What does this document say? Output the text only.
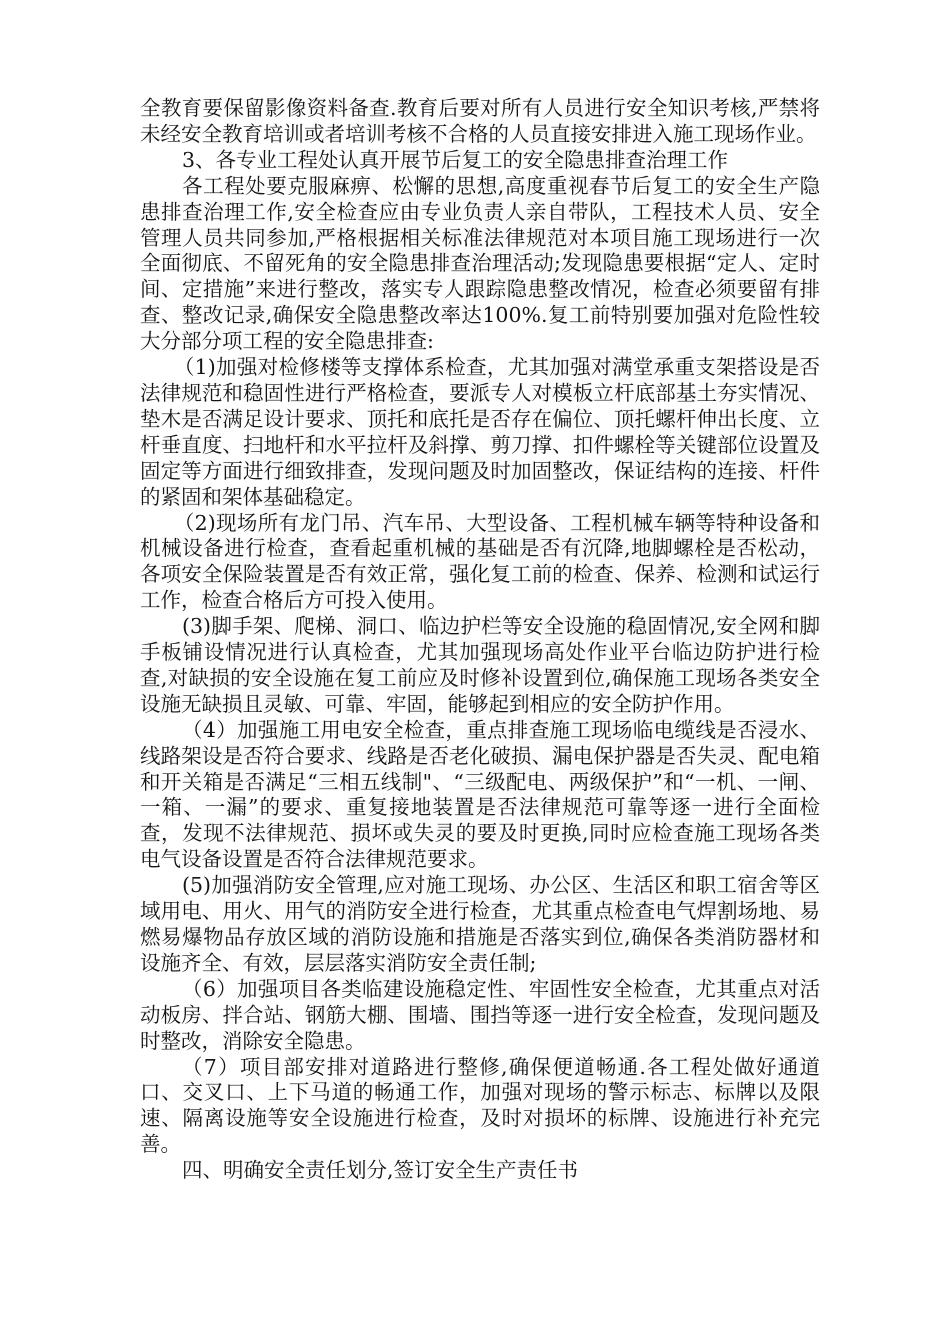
全教育要保留影像资料备查.教育后要对所有人员进行安全知识考核,严禁将未经安全教育培训或者培训考核不合格的人员直接安排进入施工现场作业。

3、各专业工程处认真开展节后复工的安全隐患排查治理工作

各工程处要克服麻痹、松懈的思想,高度重视春节后复工的安全生产隐患排查治理工作,安全检查应由专业负责人亲自带队，工程技术人员、安全管理人员共同参加,严格根据相关标准法律规范对本项目施工现场进行一次全面彻底、不留死角的安全隐患排查治理活动;发现隐患要根据“定人、定时间、定措施”来进行整改，落实专人跟踪隐患整改情况，检查必须要留有排查、整改记录,确保安全隐患整改率达100%.复工前特别要加强对危险性较大分部分项工程的安全隐患排查:

（1)加强对检修楼等支撑体系检查，尤其加强对满堂承重支架搭设是否法律规范和稳固性进行严格检查，要派专人对模板立杆底部基土夯实情况、垫木是否满足设计要求、顶托和底托是否存在偏位、顶托螺杆伸出长度、立杆垂直度、扫地杆和水平拉杆及斜撑、剪刀撑、扣件螺栓等关键部位设置及固定等方面进行细致排查，发现问题及时加固整改，保证结构的连接、杆件的紧固和架体基础稳定。

（2)现场所有龙门吊、汽车吊、大型设备、工程机械车辆等特种设备和机械设备进行检查，查看起重机械的基础是否有沉降,地脚螺栓是否松动，各项安全保险装置是否有效正常，强化复工前的检查、保养、检测和试运行工作，检查合格后方可投入使用。

(3)脚手架、爬梯、洞口、临边护栏等安全设施的稳固情况,安全网和脚手板铺设情况进行认真检查，尤其加强现场高处作业平台临边防护进行检查,对缺损的安全设施在复工前应及时修补设置到位,确保施工现场各类安全设施无缺损且灵敏、可靠、牢固，能够起到相应的安全防护作用。

（4）加强施工用电安全检查，重点排查施工现场临电缆线是否浸水、线路架设是否符合要求、线路是否老化破损、漏电保护器是否失灵、配电箱和开关箱是否满足“三相五线制"、“三级配电、两级保护”和“一机、一闸、一箱、一漏”的要求、重复接地装置是否法律规范可靠等逐一进行全面检查，发现不法律规范、损坏或失灵的要及时更换,同时应检查施工现场各类电气设备设置是否符合法律规范要求。

(5)加强消防安全管理,应对施工现场、办公区、生活区和职工宿舍等区域用电、用火、用气的消防安全进行检查，尤其重点检查电气焊割场地、易燃易爆物品存放区域的消防设施和措施是否落实到位,确保各类消防器材和设施齐全、有效，层层落实消防安全责任制;

（6）加强项目各类临建设施稳定性、牢固性安全检查，尤其重点对活动板房、拌合站、钢筋大棚、围墙、围挡等逐一进行安全检查，发现问题及时整改，消除安全隐患。

（7）项目部安排对道路进行整修,确保便道畅通.各工程处做好通道口、交叉口、上下马道的畅通工作，加强对现场的警示标志、标牌以及限速、隔离设施等安全设施进行检查，及时对损坏的标牌、设施进行补充完善。

四、明确安全责任划分,签订安全生产责任书
